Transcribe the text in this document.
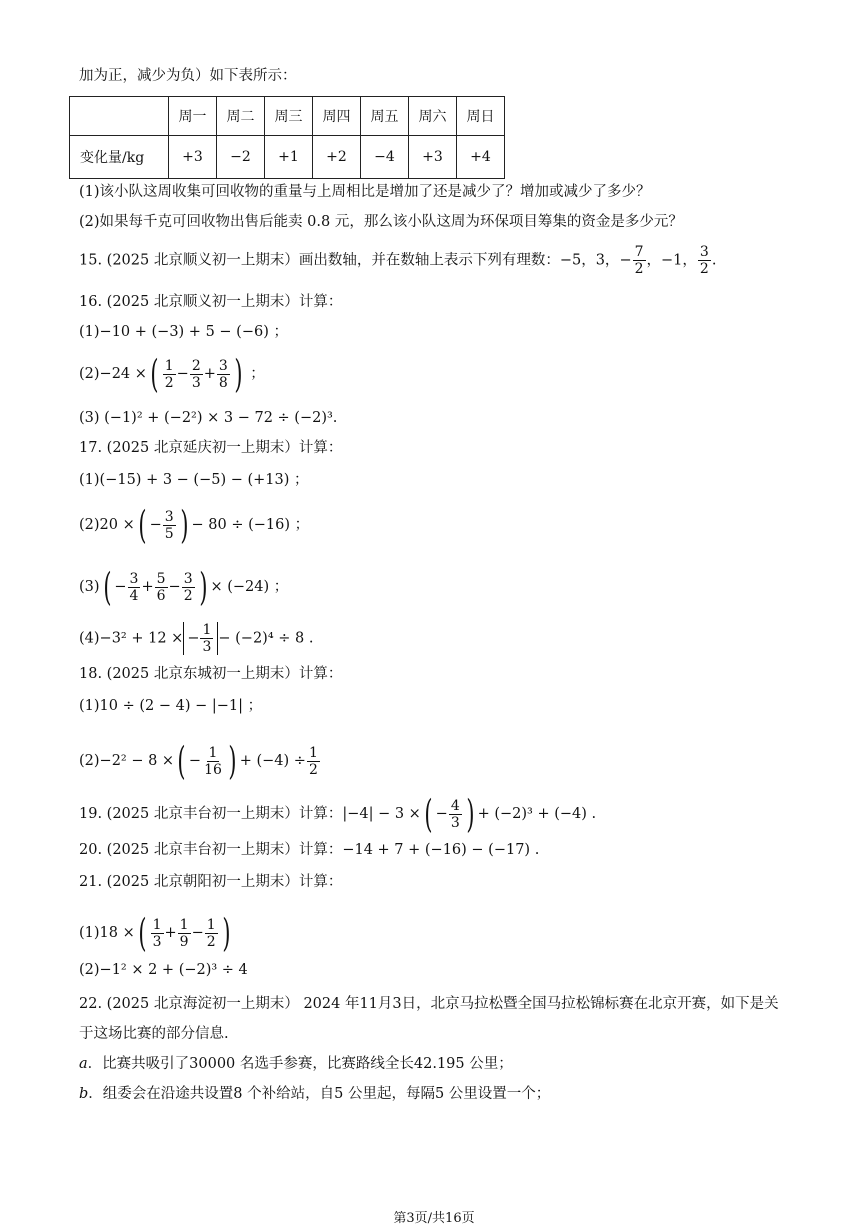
加为正，减少为负）如下表所示：
	周一	周二	周三	周四	周五	周六	周日
变化量/kg	+3	−2	+1	+2	−4	+3	+4
(1)该小队这周收集可回收物的重量与上周相比是增加了还是减少了？增加或减少了多少？
(2)如果每千克可回收物出售后能卖 0.8 元，那么该小队这周为环保项目筹集的资金是多少元？
15. (2025 北京顺义初一上期末）画出数轴，并在数轴上表示下列有理数：−5，3，− $\frac{7}{2}$ ，−1， $\frac{3}{2}$ .
16. (2025 北京顺义初一上期末）计算：
(1)−10 + (−3) + 5 − (−6) ；
(2)−24 ×( $\frac{1}{2} - \frac{2}{3} + \frac{3}{8}$ ) ；
(3) (−1)² + (−2²) × 3 − 72 ÷ (−2)³.
17. (2025 北京延庆初一上期末）计算：
(1)(−15) + 3 − (−5) − (+13) ；
(2)20 ×( − $\frac{3}{5}$ ) − 80 ÷ (−16) ；
$(3)( - \frac{3}{4} + \frac{5}{6} - \frac{3}{2}$ ) × (−24) ；
(4)−3² + 12 × − $\frac{1}{3} - (-2)^4 \div 8$ .
18. (2025 北京东城初一上期末）计算：
(1)10 ÷ (2 − 4) − |−1| ；
(2)−2² − 8 ×( − $\frac{1}{16}$ ) + $(-4) \div \frac{1}{2}$
19. (2025 北京丰台初一上期末）计算：|−4| − 3 ×( − $\frac{4}{3}$ ) + (−2)³ + (−4) .
20. (2025 北京丰台初一上期末）计算：−14 + 7 + (−16) − (−17) .
21. (2025 北京朝阳初一上期末）计算：
(1)18 ×( $\frac{1}{3} + \frac{1}{9} - \frac{1}{2}$ )
(2)−1² × 2 + (−2)³ ÷ 4
22. (2025 北京海淀初一上期末） 2024 年11月3日，北京马拉松暨全国马拉松锦标赛在北京开赛，如下是关
于这场比赛的部分信息.
a．比赛共吸引了30000 名选手参赛，比赛路线全长42.195 公里；
b．组委会在沿途共设置8 个补给站，自5 公里起，每隔5 公里设置一个；
第3页/共16页
